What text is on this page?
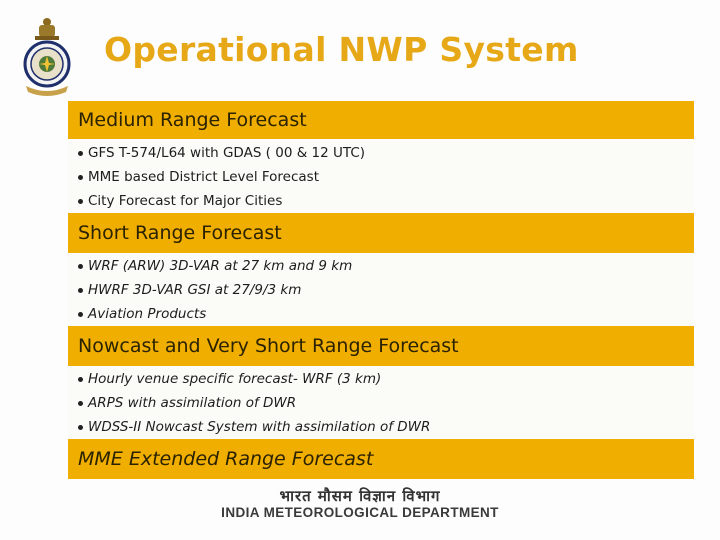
Operational NWP System
Medium Range Forecast
GFS T-574/L64 with GDAS ( 00 & 12 UTC)
MME based District Level Forecast
City Forecast for Major Cities
Short Range Forecast
WRF (ARW) 3D-VAR at 27 km and 9 km
HWRF 3D-VAR GSI at 27/9/3 km
Aviation Products
Nowcast and Very Short Range Forecast
Hourly venue specific forecast- WRF (3 km)
ARPS with assimilation of DWR
WDSS-II Nowcast System with assimilation of DWR
MME Extended Range Forecast
भारत मौसम विज्ञान विभाग
INDIA METEOROLOGICAL DEPARTMENT
